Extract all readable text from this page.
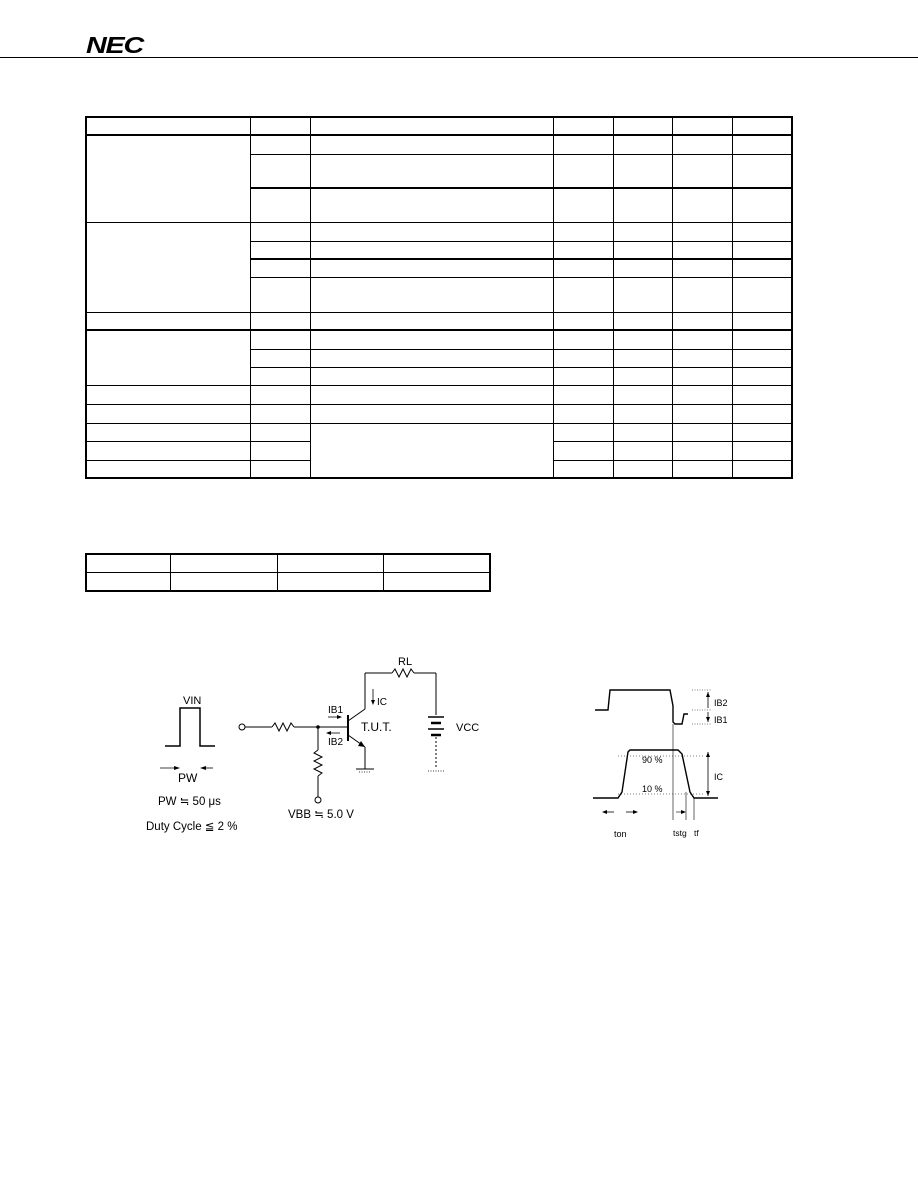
NEC

VIN
PW
PW ≒ 50 μs
Duty Cycle ≦ 2 %
IB1
IB2
IC
T.U.T.
RL
VCC
VBB ≒ 5.0 V
IB2
IB1
IC
90 %
10 %
ton	tstg tf
